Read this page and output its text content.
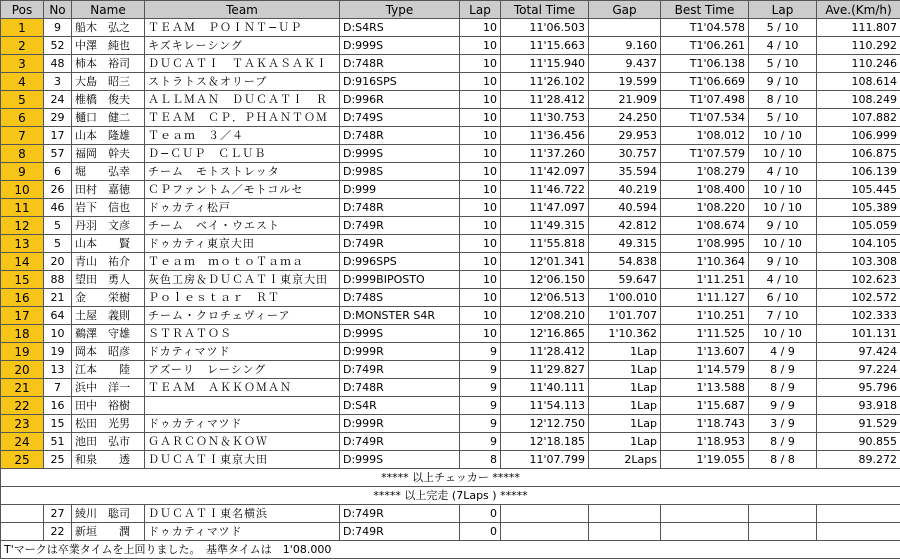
Pos	No	Name	Team	Type	Lap	Total Time	Gap	Best Time	Lap	Ave.(Km/h)
1	9	船木　弘之	ＴＥＡＭ　ＰＯＩＮＴ−ＵＰ	D:S4RS	10	11'06.503		T1'04.578	5 / 10	111.807
2	52	中澤　純也	キズキレーシング	D:999S	10	11'15.663	9.160	T1'06.261	4 / 10	110.292
3	48	柿本　裕司	ＤＵＣＡＴＩ　ＴＡＫＡＳＡＫＩ	D:748R	10	11'15.940	9.437	T1'06.138	5 / 10	110.246
4	3	大島　昭三	ストラトス＆オリーブ	D:916SPS	10	11'26.102	19.599	T1'06.669	9 / 10	108.614
5	24	椎橋　俊夫	ＡＬＬＭＡＮ　ＤＵＣＡＴＩ　Ｒ	D:996R	10	11'28.412	21.909	T1'07.498	8 / 10	108.249
6	29	樋口　健二	ＴＥＡＭ　ＣＰ．ＰＨＡＮＴＯＭ	D:749S	10	11'30.753	24.250	T1'07.534	5 / 10	107.882
7	17	山本　隆雄	Ｔｅａｍ　３／４	D:748R	10	11'36.456	29.953	1'08.012	10 / 10	106.999
8	57	福岡　幹夫	Ｄ−ＣＵＰ　ＣＬＵＢ	D:999S	10	11'37.260	30.757	T1'07.579	10 / 10	106.875
9	6	堀　　弘幸	チーム　モトストレッタ	D:998S	10	11'42.097	35.594	1'08.279	4 / 10	106.139
10	26	田村　嘉徳	ＣＰファントム／モトコルセ	D:999	10	11'46.722	40.219	1'08.400	10 / 10	105.445
11	46	岩下　信也	ドゥカティ松戸	D:748R	10	11'47.097	40.594	1'08.220	10 / 10	105.389
12	5	丹羽　文彦	チーム　ベイ・ウエスト	D:749R	10	11'49.315	42.812	1'08.674	9 / 10	105.059
13	5	山本　　賢	ドゥカティ東京大田	D:749R	10	11'55.818	49.315	1'08.995	10 / 10	104.105
14	20	青山　祐介	Ｔｅａｍ　ｍｏｔｏＴａｍａ	D:996SPS	10	12'01.341	54.838	1'10.364	9 / 10	103.308
15	88	望田　勇人	灰色工房＆ＤＵＣＡＴＩ東京大田	D:999BIPOSTO	10	12'06.150	59.647	1'11.251	4 / 10	102.623
16	21	金　　栄樹	Ｐｏｌｅｓｔａｒ　ＲＴ	D:748S	10	12'06.513	1'00.010	1'11.127	6 / 10	102.572
17	64	土屋　義則	チーム・クロチェヴィーア	D:MONSTER S4R	10	12'08.210	1'01.707	1'10.251	7 / 10	102.333
18	10	鵜澤　守雄	ＳＴＲＡＴＯＳ	D:999S	10	12'16.865	1'10.362	1'11.525	10 / 10	101.131
19	19	岡本　昭彦	ドカティマツド	D:999R	9	11'28.412	1Lap	1'13.607	4 / 9	97.424
20	13	江本　　陸	アズーリ　レーシング	D:749R	9	11'29.827	1Lap	1'14.579	8 / 9	97.224
21	7	浜中　洋一	ＴＥＡＭ　ＡＫＫＯＭＡＮ	D:748R	9	11'40.111	1Lap	1'13.588	8 / 9	95.796
22	16	田中　裕樹		D:S4R	9	11'54.113	1Lap	1'15.687	9 / 9	93.918
23	15	松田　光男	ドゥカティマツド	D:999R	9	12'12.750	1Lap	1'18.743	3 / 9	91.529
24	51	池田　弘市	ＧＡＲＣＯＮ＆ＫＯＷ	D:749R	9	12'18.185	1Lap	1'18.953	8 / 9	90.855
25	25	和泉　　透	ＤＵＣＡＴＩ東京大田	D:999S	8	11'07.799	2Laps	1'19.055	8 / 8	89.272
***** 以上チェッカー *****										
***** 以上完走 (7Laps ) *****										
	27	綾川　聡司	ＤＵＣＡＴＩ東名横浜	D:749R	0					
	22	新垣　　潤	ドゥカティマツド	D:749R	0					
T'マークは卒業タイムを上回りました。　基準タイムは　1'08.000										
